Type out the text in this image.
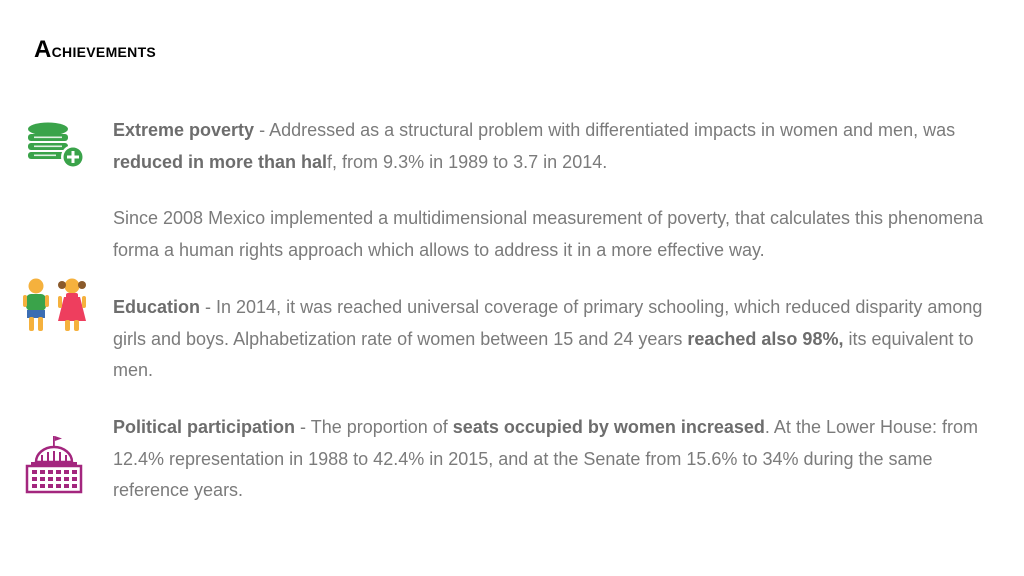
Achievements
Extreme poverty - Addressed as a structural problem with differentiated impacts in women and men, was reduced in more than half, from 9.3% in 1989 to 3.7 in 2014.
Since 2008 Mexico implemented a multidimensional measurement of poverty, that calculates this phenomena forma a human rights approach which allows to address it in a more effective way.
Education - In 2014, it was reached universal coverage of primary schooling, which reduced disparity among girls and boys. Alphabetization rate of women between 15 and 24 years reached also 98%, its equivalent to men.
Political participation - The proportion of seats occupied by women increased. At the Lower House: from 12.4% representation in 1988 to 42.4% in 2015, and at the Senate from 15.6% to 34% during the same reference years.
